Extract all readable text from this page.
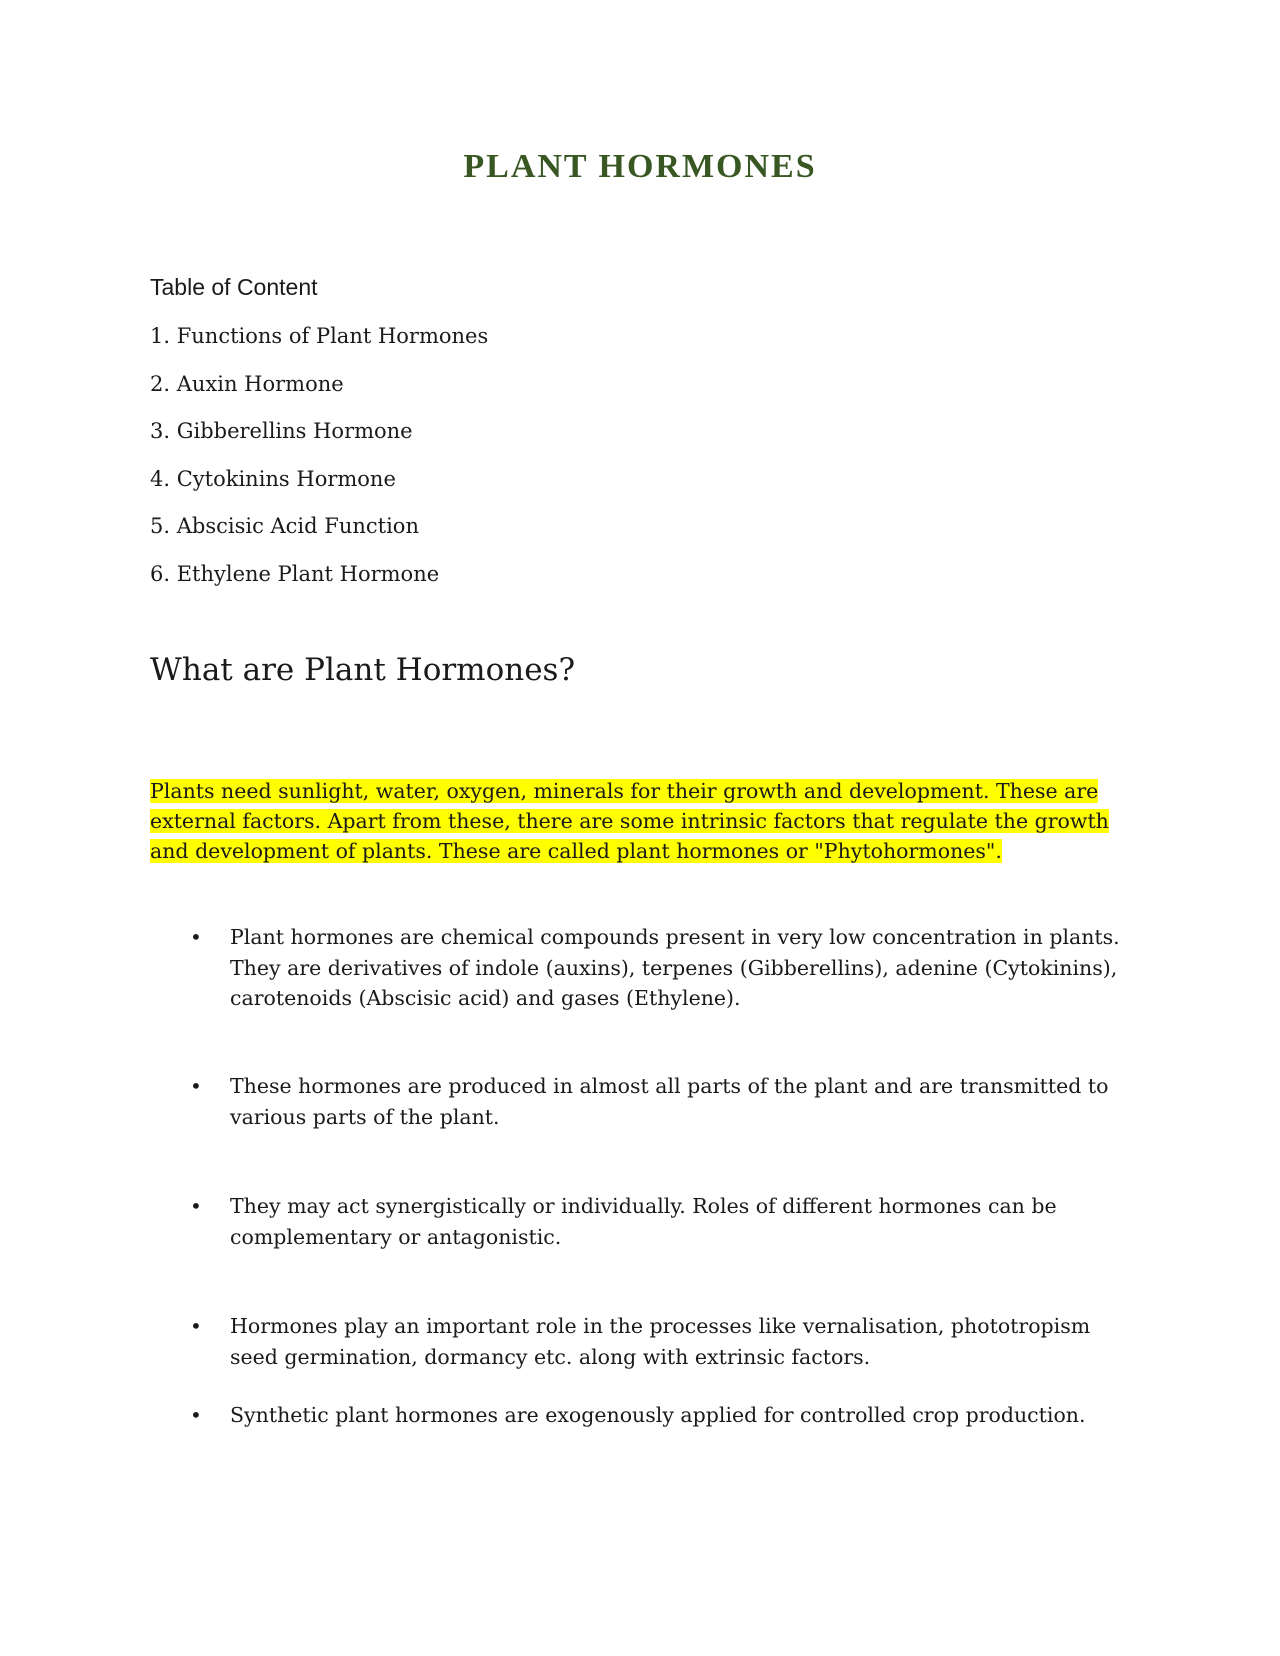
PLANT HORMONES

Table of Content

1. Functions of Plant Hormones
2. Auxin Hormone
3. Gibberellins Hormone
4. Cytokinins Hormone
5. Abscisic Acid Function
6. Ethylene Plant Hormone
What are Plant Hormones?

Plants need sunlight, water, oxygen, minerals for their growth and development. These are external factors. Apart from these, there are some intrinsic factors that regulate the growth and development of plants. These are called plant hormones or "Phytohormones".

• Plant hormones are chemical compounds present in very low concentration in plants. They are derivatives of indole (auxins), terpenes (Gibberellins), adenine (Cytokinins), carotenoids (Abscisic acid) and gases (Ethylene).
• These hormones are produced in almost all parts of the plant and are transmitted to various parts of the plant.
• They may act synergistically or individually. Roles of different hormones can be complementary or antagonistic.
• Hormones play an important role in the processes like vernalisation, phototropism seed germination, dormancy etc. along with extrinsic factors.
• Synthetic plant hormones are exogenously applied for controlled crop production.
